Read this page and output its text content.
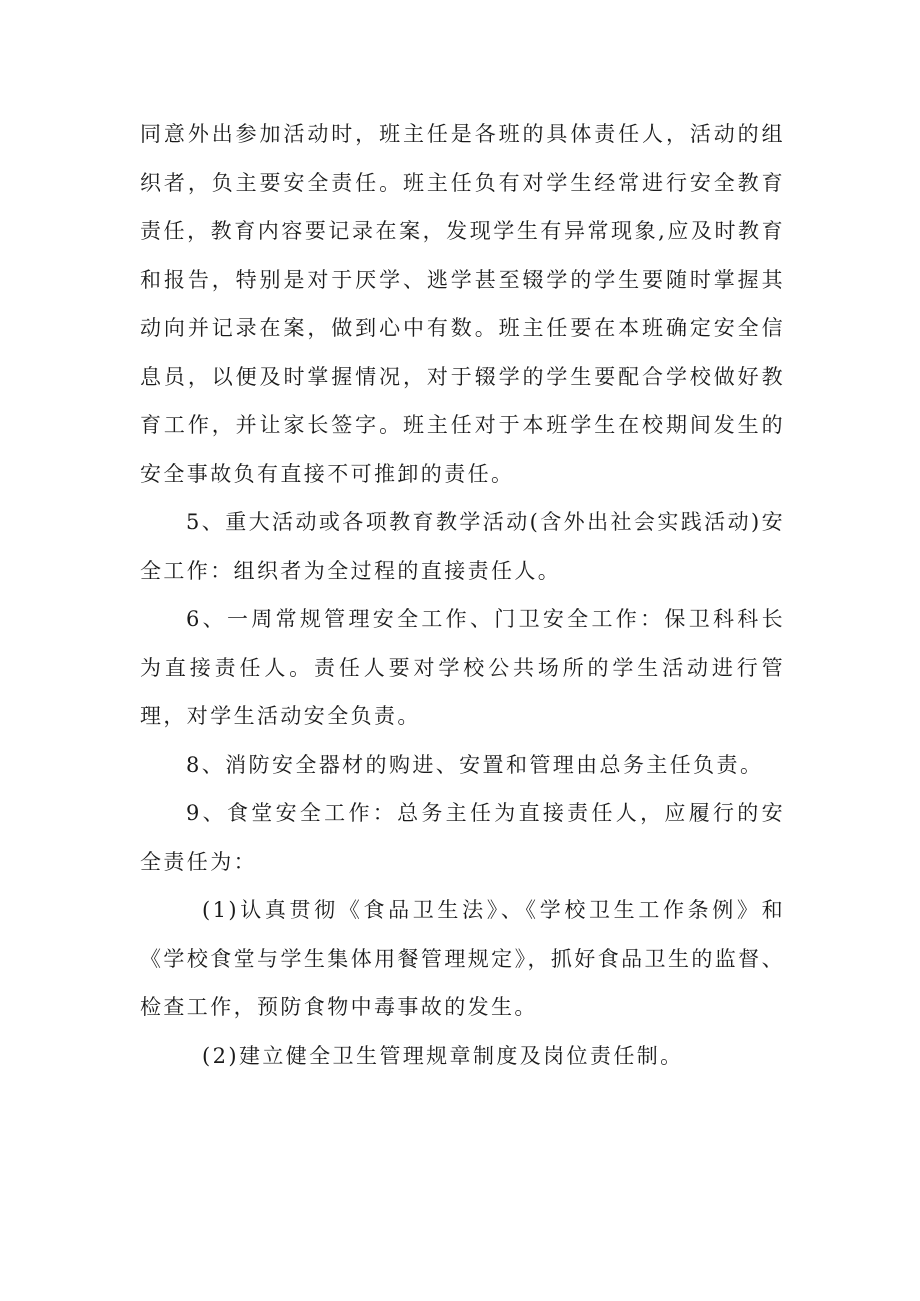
同意外出参加活动时，班主任是各班的具体责任人，活动的组织者，负主要安全责任。班主任负有对学生经常进行安全教育责任，教育内容要记录在案，发现学生有异常现象,应及时教育和报告，特别是对于厌学、逃学甚至辍学的学生要随时掌握其动向并记录在案，做到心中有数。班主任要在本班确定安全信息员，以便及时掌握情况，对于辍学的学生要配合学校做好教育工作，并让家长签字。班主任对于本班学生在校期间发生的安全事故负有直接不可推卸的责任。

5、重大活动或各项教育教学活动(含外出社会实践活动)安全工作：组织者为全过程的直接责任人。

6、一周常规管理安全工作、门卫安全工作：保卫科科长为直接责任人。责任人要对学校公共场所的学生活动进行管理，对学生活动安全负责。

8、消防安全器材的购进、安置和管理由总务主任负责。

9、食堂安全工作：总务主任为直接责任人，应履行的安全责任为：

(1)认真贯彻《食品卫生法》、《学校卫生工作条例》和《学校食堂与学生集体用餐管理规定》，抓好食品卫生的监督、检查工作，预防食物中毒事故的发生。

(2)建立健全卫生管理规章制度及岗位责任制。
